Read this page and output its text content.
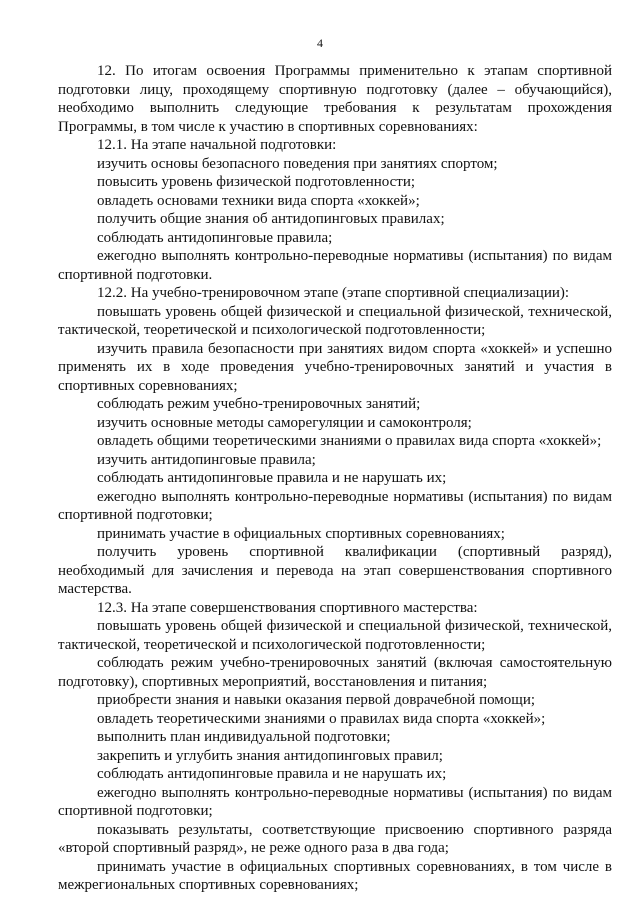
4

12. По итогам освоения Программы применительно к этапам спортивной подготовки лицу, проходящему спортивную подготовку (далее – обучающийся), необходимо выполнить следующие требования к результатам прохождения Программы, в том числе к участию в спортивных соревнованиях:

12.1. На этапе начальной подготовки:

изучить основы безопасного поведения при занятиях спортом;

повысить уровень физической подготовленности;

овладеть основами техники вида спорта «хоккей»;

получить общие знания об антидопинговых правилах;

соблюдать антидопинговые правила;

ежегодно выполнять контрольно-переводные нормативы (испытания) по видам спортивной подготовки.

12.2. На учебно-тренировочном этапе (этапе спортивной специализации):

повышать уровень общей физической и специальной физической, технической, тактической, теоретической и психологической подготовленности;

изучить правила безопасности при занятиях видом спорта «хоккей» и успешно применять их в ходе проведения учебно-тренировочных занятий и участия в спортивных соревнованиях;

соблюдать режим учебно-тренировочных занятий;

изучить основные методы саморегуляции и самоконтроля;

овладеть общими теоретическими знаниями о правилах вида спорта «хоккей»;

изучить антидопинговые правила;

соблюдать антидопинговые правила и не нарушать их;

ежегодно выполнять контрольно-переводные нормативы (испытания) по видам спортивной подготовки;

принимать участие в официальных спортивных соревнованиях;

получить уровень спортивной квалификации (спортивный разряд), необходимый для зачисления и перевода на этап совершенствования спортивного мастерства.

12.3. На этапе совершенствования спортивного мастерства:

повышать уровень общей физической и специальной физической, технической, тактической, теоретической и психологической подготовленности;

соблюдать режим учебно-тренировочных занятий (включая самостоятельную подготовку), спортивных мероприятий, восстановления и питания;

приобрести знания и навыки оказания первой доврачебной помощи;

овладеть теоретическими знаниями о правилах вида спорта «хоккей»;

выполнить план индивидуальной подготовки;

закрепить и углубить знания антидопинговых правил;

соблюдать антидопинговые правила и не нарушать их;

ежегодно выполнять контрольно-переводные нормативы (испытания) по видам спортивной подготовки;

показывать результаты, соответствующие присвоению спортивного разряда «второй спортивный разряд», не реже одного раза в два года;

принимать участие в официальных спортивных соревнованиях, в том числе в межрегиональных спортивных соревнованиях;
